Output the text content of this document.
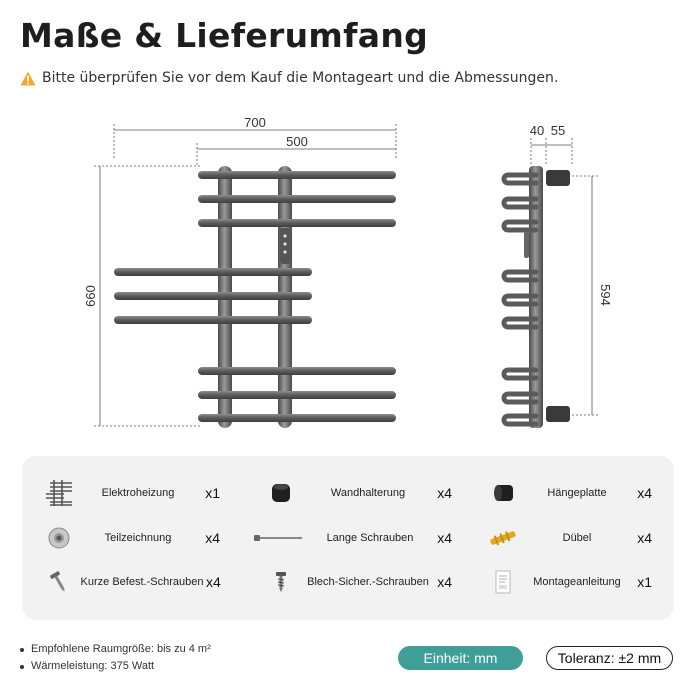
Maße & Lieferumfang
Bitte überprüfen Sie vor dem Kauf die Montageart und die Abmessungen.
700
500
660
40 55
594
Elektroheizung	x1	Wandhalterung	x4	Hängeplatte	x4
Teilzeichnung	x4	Lange Schrauben	x4	Dübel	x4
Kurze Befest.-Schrauben x4	Blech-Sicher.-Schrauben x4	Montageanleitung	x1
Empfohlene Raumgröße: bis zu 4 m²
Wärmeleistung: 375 Watt	Einheit: mm	Toleranz: ±2 mm
